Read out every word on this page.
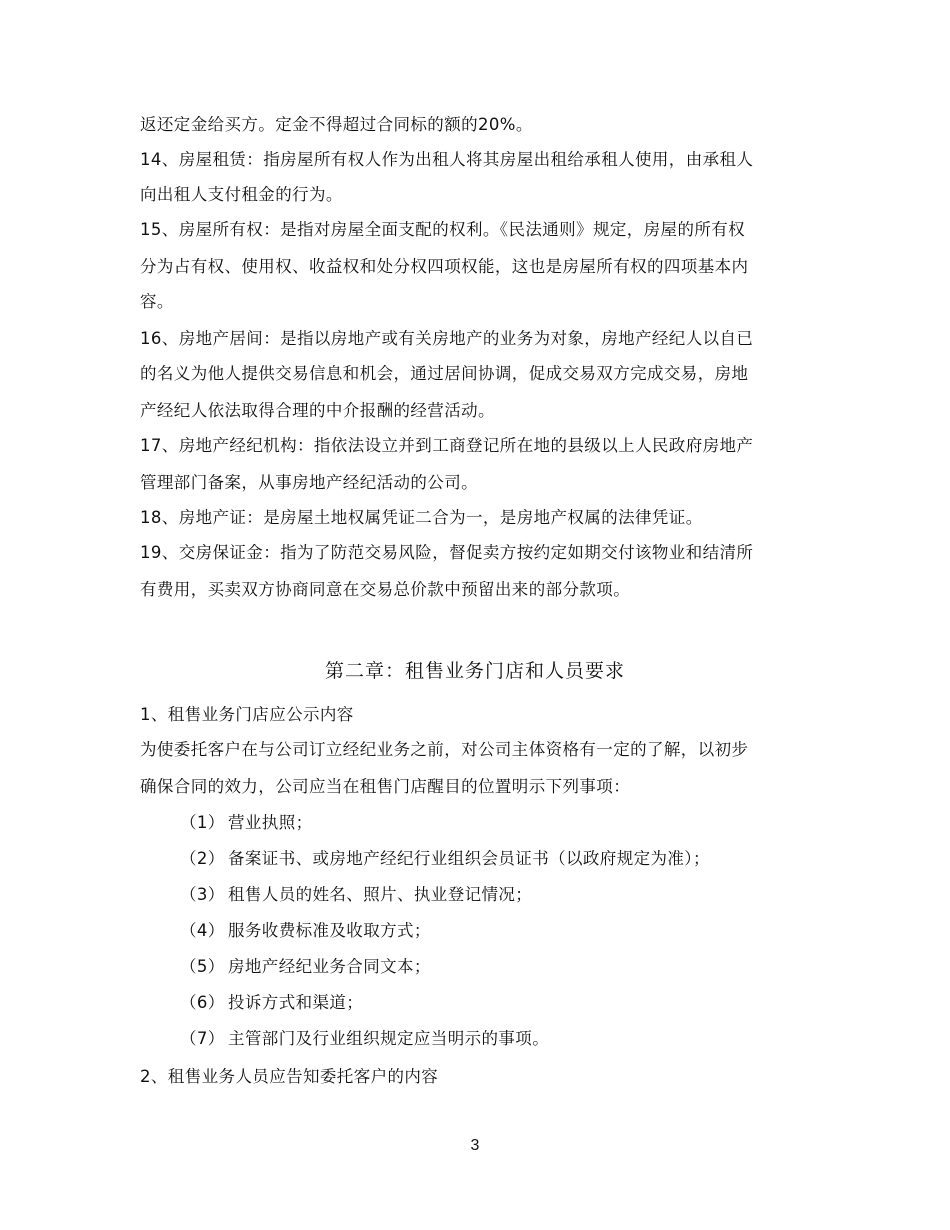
返还定金给买方。定金不得超过合同标的额的20%。
14、房屋租赁：指房屋所有权人作为出租人将其房屋出租给承租人使用，由承租人
向出租人支付租金的行为。
15、房屋所有权：是指对房屋全面支配的权利。《民法通则》规定，房屋的所有权
分为占有权、使用权、收益权和处分权四项权能，这也是房屋所有权的四项基本内
容。
16、房地产居间：是指以房地产或有关房地产的业务为对象，房地产经纪人以自已
的名义为他人提供交易信息和机会，通过居间协调，促成交易双方完成交易，房地
产经纪人依法取得合理的中介报酬的经营活动。
17、房地产经纪机构：指依法设立并到工商登记所在地的县级以上人民政府房地产
管理部门备案，从事房地产经纪活动的公司。
18、房地产证：是房屋土地权属凭证二合为一，是房地产权属的法律凭证。
19、交房保证金：指为了防范交易风险，督促卖方按约定如期交付该物业和结清所
有费用，买卖双方协商同意在交易总价款中预留出来的部分款项。
第二章：租售业务门店和人员要求
1、租售业务门店应公示内容
为使委托客户在与公司订立经纪业务之前，对公司主体资格有一定的了解，以初步
确保合同的效力，公司应当在租售门店醒目的位置明示下列事项：
（1） 营业执照；
（2） 备案证书、或房地产经纪行业组织会员证书（以政府规定为准）；
（3） 租售人员的姓名、照片、执业登记情况；
（4） 服务收费标准及收取方式；
（5） 房地产经纪业务合同文本；
（6） 投诉方式和渠道；
（7） 主管部门及行业组织规定应当明示的事项。
2、租售业务人员应告知委托客户的内容
3
